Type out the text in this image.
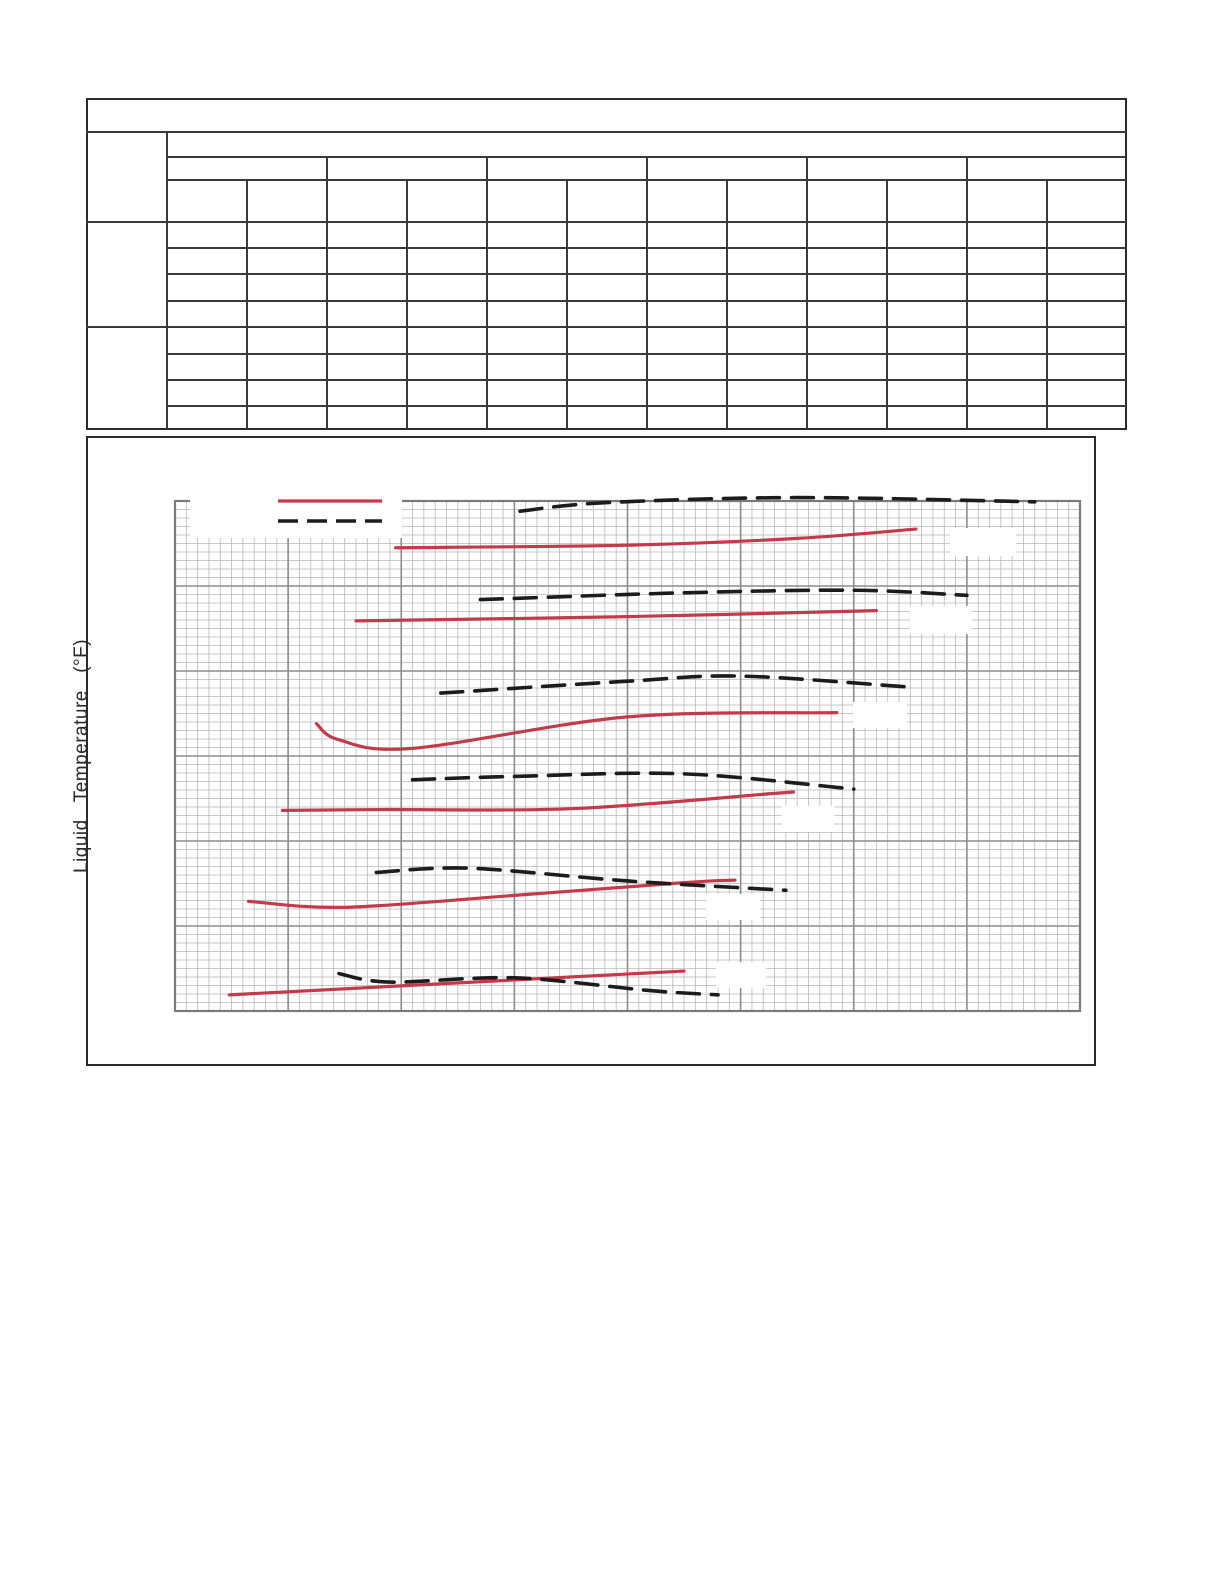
Liquid   Temperature   (°F)
